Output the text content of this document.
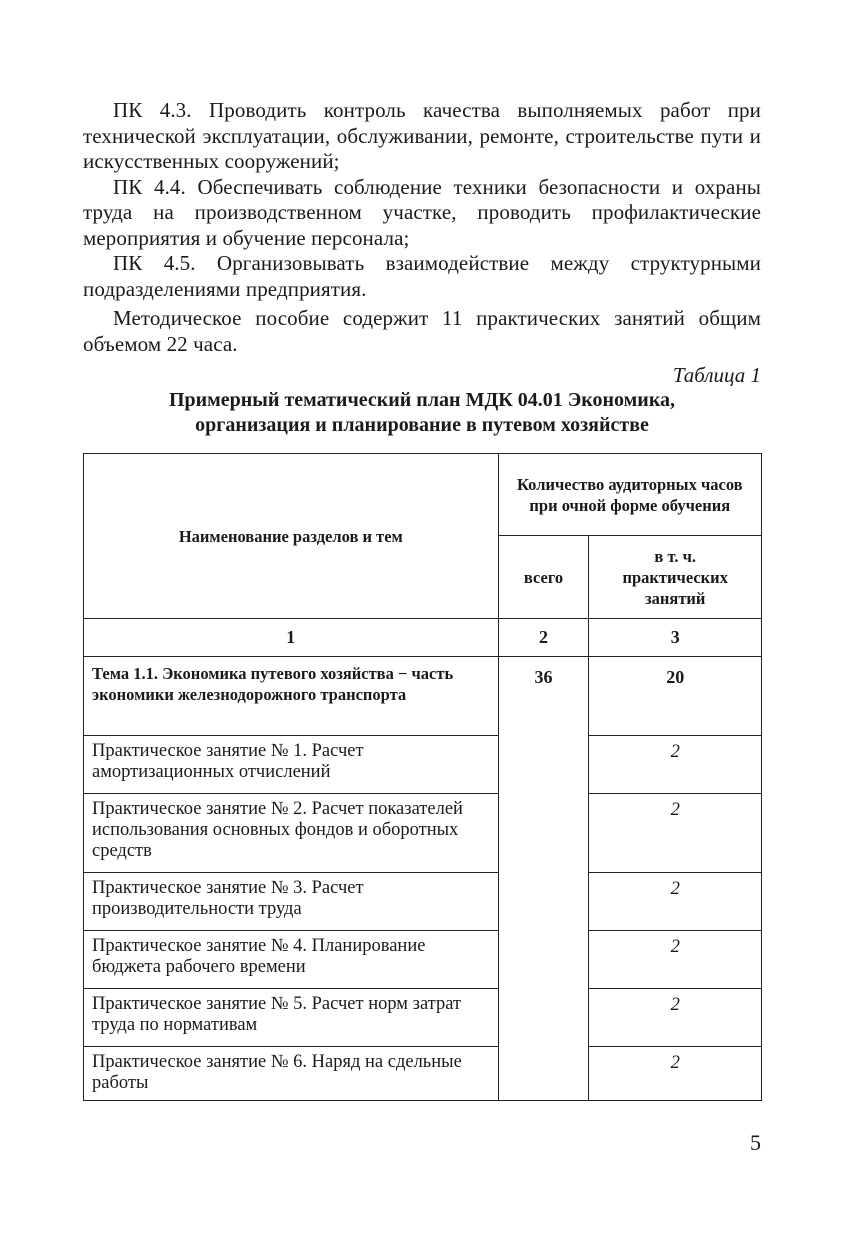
ПК 4.3. Проводить контроль качества выполняемых работ при технической эксплуатации, обслуживании, ремонте, строительстве пути и искусственных сооружений;

ПК 4.4. Обеспечивать соблюдение техники безопасности и охраны труда на производственном участке, проводить профилактические мероприятия и обучение персонала;

ПК 4.5. Организовывать взаимодействие между структурными подразделениями предприятия.

Методическое пособие содержит 11 практических занятий общим объемом 22 часа.

Таблица 1

Примерный тематический план МДК 04.01 Экономика,

организация и планирование в путевом хозяйстве

Наименование разделов и тем	Количество аудиторных часов при очной форме обучения	
	всего	в т. ч. практических занятий
1	2	3
Тема 1.1. Экономика путевого хозяйства − часть экономики железнодорожного транспорта	36	20
Практическое занятие № 1. Расчет амортизационных отчислений		2
Практическое занятие № 2. Расчет показателей использования основных фондов и оборотных средств		2
Практическое занятие № 3. Расчет производительности труда		2
Практическое занятие № 4. Планирование бюджета рабочего времени		2
Практическое занятие № 5. Расчет норм затрат труда по нормативам		2
Практическое занятие № 6. Наряд на сдельные работы		2
5
